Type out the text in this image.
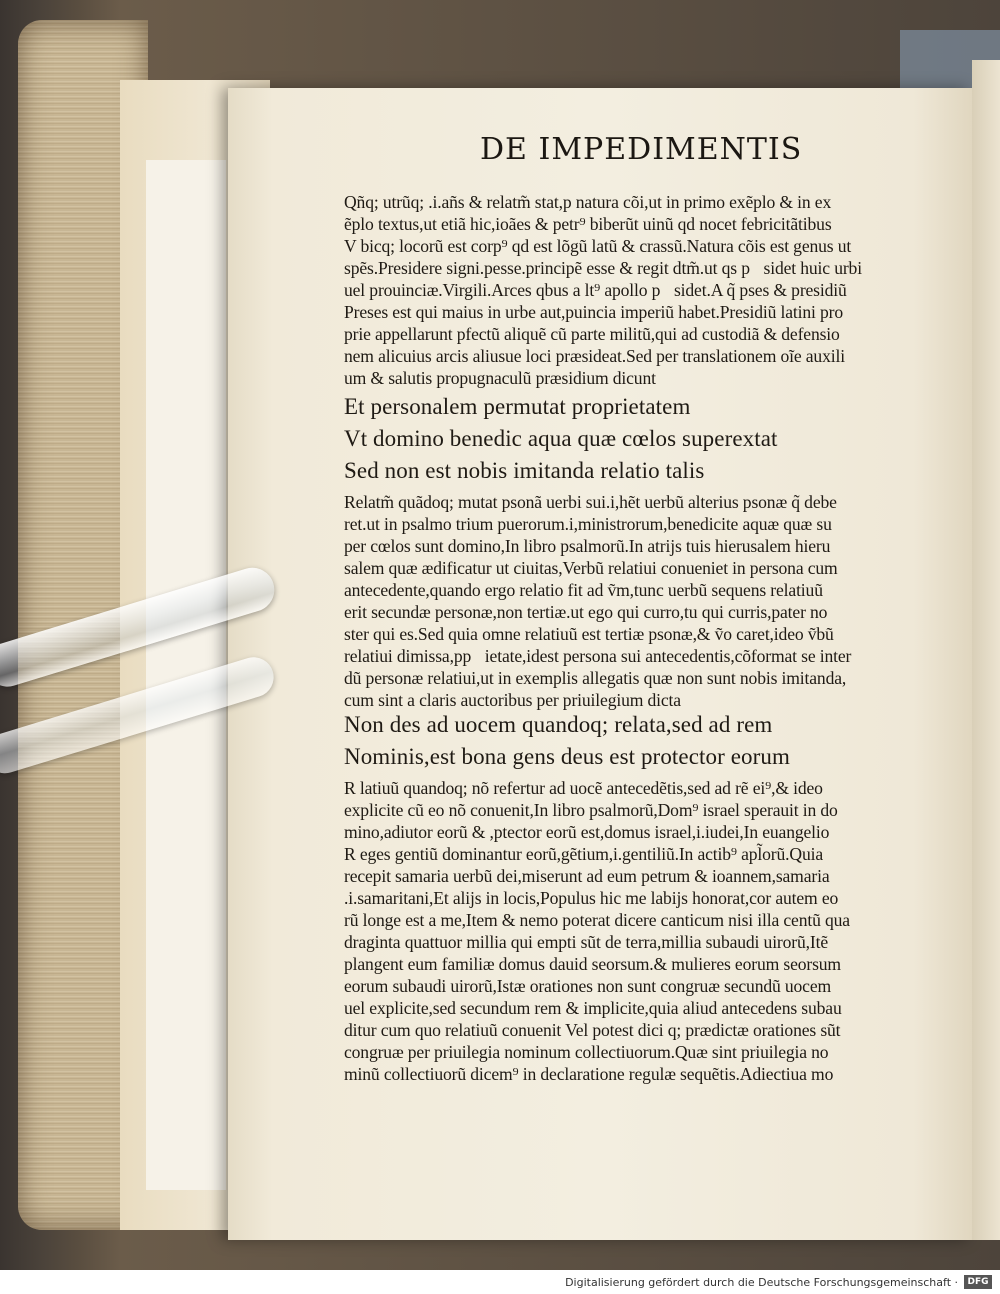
DE IMPEDIMENTIS
Qñq; utrũq; .i.añs & relatm̃ stat,p natura cõi,ut in primo exẽplo & in ex
ẽplo textus,ut etiã hic,ioães & petr⁹ biberũt uinũ qd nocet febricitãtibus
V bicq; locorũ est corp⁹ qd est lõgũ latũ & crassũ.Natura cõis est genus ut
spẽs.Presidere signi.pesse.principẽ esse & regit dtm̃.ut qs pᷤsidet huic urbi
uel prouinciæ.Virgili.Arces qbus a lt⁹ apollo pᷤsidet.A q̃ pses & presidiũ
Preses est qui maius in urbe aut,puincia imperiũ habet.Presidiũ latini pro
prie appellarunt pfectũ aliquẽ cũ parte militũ,qui ad custodiã & defensio
nem alicuius arcis aliusue loci præsideat.Sed per translationem oĩe auxili
um & salutis propugnaculũ præsidium dicunt
Et personalem permutat proprietatem
Vt domino benedic aqua quæ cœlos superextat
Sed non est nobis imitanda relatio talis
Relatm̃ quãdoq; mutat psonã uerbi sui.i,hẽt uerbũ alterius psonæ q̃ debe
ret.ut in psalmo trium puerorum.i,ministrorum,benedicite aquæ quæ su
per cœlos sunt domino,In libro psalmorũ.In atrijs tuis hierusalem hieru
salem quæ ædificatur ut ciuitas,Verbũ relatiui conueniet in persona cum
antecedente,quando ergo relatio fit ad ṽm,tunc uerbũ sequens relatiuũ
erit secundæ personæ,non tertiæ.ut ego qui curro,tu qui curris,pater no
ster qui es.Sed quia omne relatiuũ est tertiæ psonæ,& ṽo caret,ideo ṽbũ
relatiui dimissa,ppᷓietate,idest persona sui antecedentis,cõformat se inter
dũ personæ relatiui,ut in exemplis allegatis quæ non sunt nobis imitanda,
cum sint a claris auctoribus per priuilegium dicta
Non des ad uocem quandoq; relata,sed ad rem
Nominis,est bona gens deus est protector eorum
R latiuũ quandoq; nõ refertur ad uocẽ antecedẽtis,sed ad rẽ ei⁹,& ideo
explicite cũ eo nõ conuenit,In libro psalmorũ,Dom⁹ israel sperauit in do
mino,adiutor eorũ & ,ptector eorũ est,domus israel,i.iudei,In euangelio
R eges gentiũ dominantur eorũ,gẽtium,i.gentiliũ.In actib⁹ apl̃orũ.Quia
recepit samaria uerbũ dei,miserunt ad eum petrum & ioannem,samaria
.i.samaritani,Et alijs in locis,Populus hic me labijs honorat,cor autem eo
rũ longe est a me,Item & nemo poterat dicere canticum nisi illa centũ qua
draginta quattuor millia qui empti sũt de terra,millia subaudi uirorũ,Itẽ
plangent eum familiæ domus dauid seorsum.& mulieres eorum seorsum
eorum subaudi uirorũ,Istæ orationes non sunt congruæ secundũ uocem
uel explicite,sed secundum rem & implicite,quia aliud antecedens subau
ditur cum quo relatiuũ conuenit Vel potest dici q; prædictæ orationes sũt
congruæ per priuilegia nominum collectiuorum.Quæ sint priuilegia no
minũ collectiuorũ dicem⁹ in declaratione regulæ sequẽtis.Adiectiua mo
Digitalisierung gefördert durch die Deutsche Forschungsgemeinschaft ·	DFG
